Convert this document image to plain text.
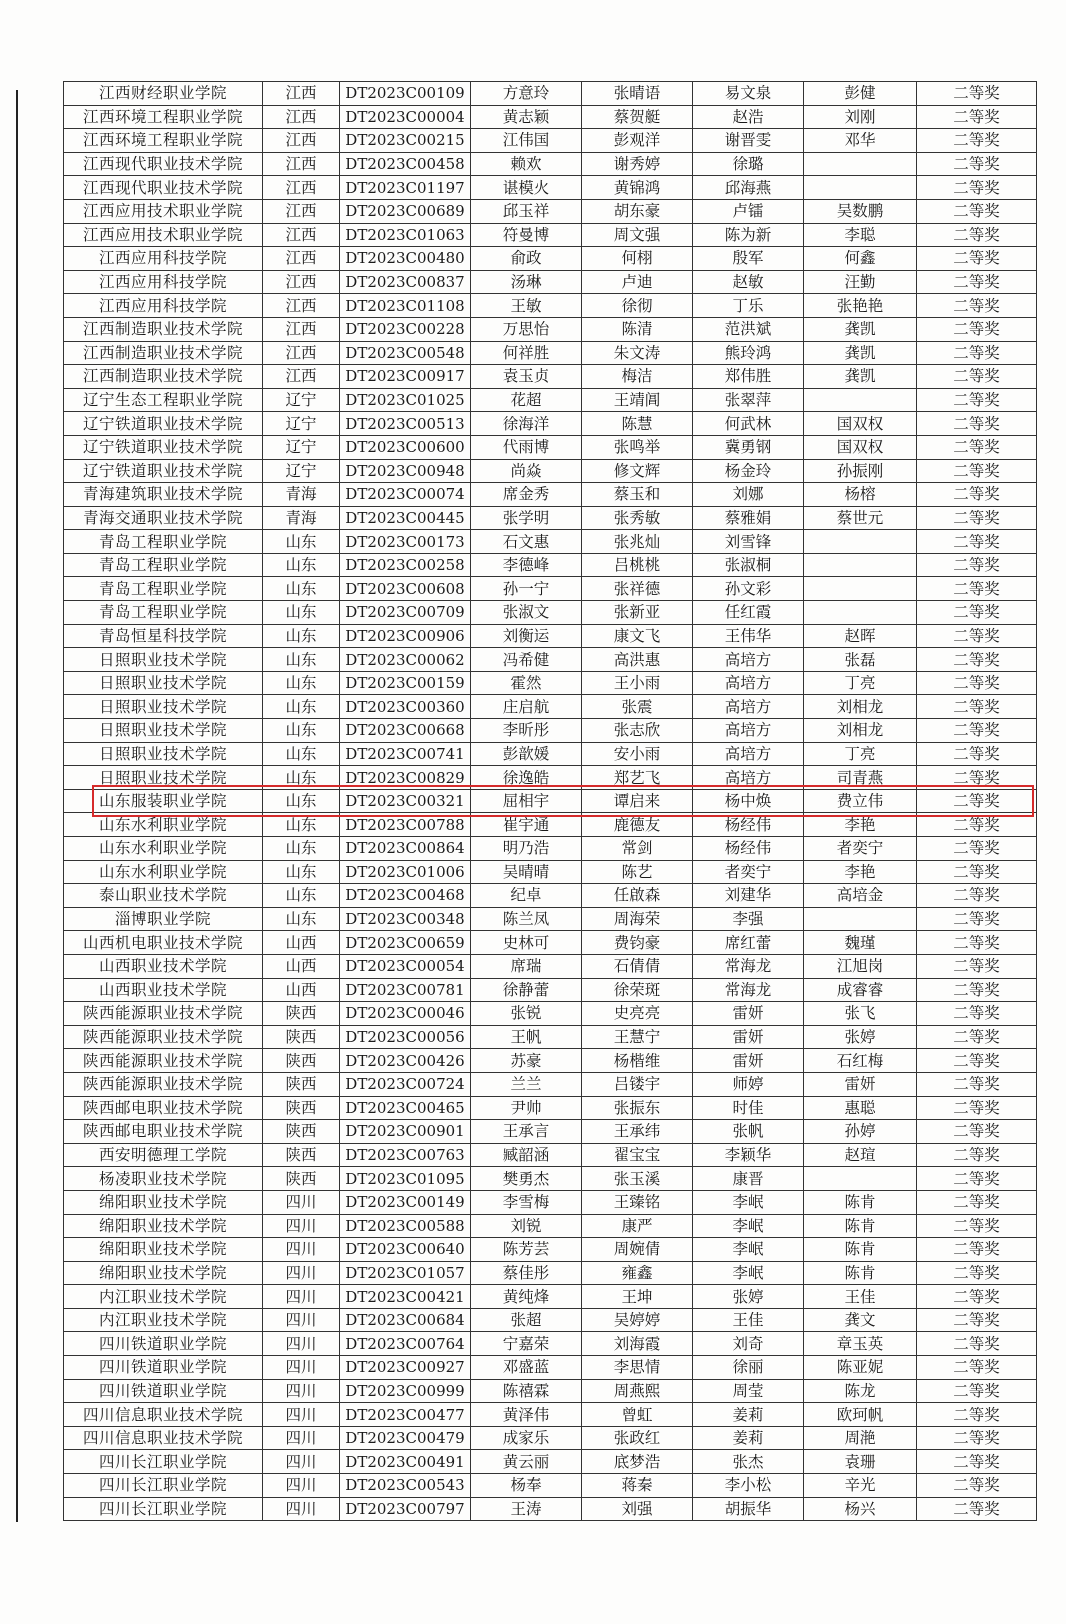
江西财经职业学院	江西	DT2023C00109	方意玲	张晴语	易文泉	彭健	二等奖
江西环境工程职业学院	江西	DT2023C00004	黄志颖	蔡贺艇	赵浩	刘刚	二等奖
江西环境工程职业学院	江西	DT2023C00215	江伟国	彭观洋	谢晋雯	邓华	二等奖
江西现代职业技术学院	江西	DT2023C00458	赖欢	谢秀婷	徐璐		二等奖
江西现代职业技术学院	江西	DT2023C01197	谌模火	黄锦鸿	邱海燕		二等奖
江西应用技术职业学院	江西	DT2023C00689	邱玉祥	胡东豪	卢镭	吴数鹏	二等奖
江西应用技术职业学院	江西	DT2023C01063	符曼博	周文强	陈为新	李聪	二等奖
江西应用科技学院	江西	DT2023C00480	俞政	何栩	殷军	何鑫	二等奖
江西应用科技学院	江西	DT2023C00837	汤琳	卢迪	赵敏	汪勤	二等奖
江西应用科技学院	江西	DT2023C01108	王敏	徐彻	丁乐	张艳艳	二等奖
江西制造职业技术学院	江西	DT2023C00228	万思怡	陈清	范洪斌	龚凯	二等奖
江西制造职业技术学院	江西	DT2023C00548	何祥胜	朱文涛	熊玲鸿	龚凯	二等奖
江西制造职业技术学院	江西	DT2023C00917	袁玉贞	梅洁	郑伟胜	龚凯	二等奖
辽宁生态工程职业学院	辽宁	DT2023C01025	花超	王靖阊	张翠萍		二等奖
辽宁铁道职业技术学院	辽宁	DT2023C00513	徐海洋	陈慧	何武林	国双权	二等奖
辽宁铁道职业技术学院	辽宁	DT2023C00600	代雨博	张鸣举	冀勇钢	国双权	二等奖
辽宁铁道职业技术学院	辽宁	DT2023C00948	尚焱	修文辉	杨金玲	孙振刚	二等奖
青海建筑职业技术学院	青海	DT2023C00074	席金秀	蔡玉和	刘娜	杨榕	二等奖
青海交通职业技术学院	青海	DT2023C00445	张学明	张秀敏	蔡雅娟	蔡世元	二等奖
青岛工程职业学院	山东	DT2023C00173	石文惠	张兆灿	刘雪锋		二等奖
青岛工程职业学院	山东	DT2023C00258	李德峰	吕桃桃	张淑桐		二等奖
青岛工程职业学院	山东	DT2023C00608	孙一宁	张祥德	孙文彩		二等奖
青岛工程职业学院	山东	DT2023C00709	张淑文	张新亚	任红霞		二等奖
青岛恒星科技学院	山东	DT2023C00906	刘衡运	康文飞	王伟华	赵晖	二等奖
日照职业技术学院	山东	DT2023C00062	冯希健	高洪惠	高培方	张磊	二等奖
日照职业技术学院	山东	DT2023C00159	霍然	王小雨	高培方	丁亮	二等奖
日照职业技术学院	山东	DT2023C00360	庄启航	张震	高培方	刘相龙	二等奖
日照职业技术学院	山东	DT2023C00668	李昕彤	张志欣	高培方	刘相龙	二等奖
日照职业技术学院	山东	DT2023C00741	彭歆媛	安小雨	高培方	丁亮	二等奖
日照职业技术学院	山东	DT2023C00829	徐逸皓	郑艺飞	高培方	司青燕	二等奖
山东服装职业学院	山东	DT2023C00321	屈相宇	谭启来	杨中焕	费立伟	二等奖
山东水利职业学院	山东	DT2023C00788	崔宇通	鹿德友	杨经伟	李艳	二等奖
山东水利职业学院	山东	DT2023C00864	明乃浩	常剑	杨经伟	者奕宁	二等奖
山东水利职业学院	山东	DT2023C01006	吴晴晴	陈艺	者奕宁	李艳	二等奖
泰山职业技术学院	山东	DT2023C00468	纪卓	任啟森	刘建华	高培金	二等奖
淄博职业学院	山东	DT2023C00348	陈兰凤	周海荣	李强		二等奖
山西机电职业技术学院	山西	DT2023C00659	史林可	费钧豪	席红蕾	魏瑾	二等奖
山西职业技术学院	山西	DT2023C00054	席瑞	石倩倩	常海龙	江旭岗	二等奖
山西职业技术学院	山西	DT2023C00781	徐静蕾	徐荣斑	常海龙	成睿睿	二等奖
陕西能源职业技术学院	陕西	DT2023C00046	张锐	史亮亮	雷妍	张飞	二等奖
陕西能源职业技术学院	陕西	DT2023C00056	王帆	王慧宁	雷妍	张婷	二等奖
陕西能源职业技术学院	陕西	DT2023C00426	苏豪	杨楷维	雷妍	石红梅	二等奖
陕西能源职业技术学院	陕西	DT2023C00724	兰兰	吕镂宇	师婷	雷妍	二等奖
陕西邮电职业技术学院	陕西	DT2023C00465	尹帅	张振东	时佳	惠聪	二等奖
陕西邮电职业技术学院	陕西	DT2023C00901	王承言	王承纬	张帆	孙婷	二等奖
西安明德理工学院	陕西	DT2023C00763	臧韶涵	翟宝宝	李颖华	赵瑄	二等奖
杨凌职业技术学院	陕西	DT2023C01095	樊勇杰	张玉溪	康晋		二等奖
绵阳职业技术学院	四川	DT2023C00149	李雪梅	王臻铭	李岷	陈肯	二等奖
绵阳职业技术学院	四川	DT2023C00588	刘锐	康严	李岷	陈肯	二等奖
绵阳职业技术学院	四川	DT2023C00640	陈芳芸	周婉倩	李岷	陈肯	二等奖
绵阳职业技术学院	四川	DT2023C01057	蔡佳彤	雍鑫	李岷	陈肯	二等奖
内江职业技术学院	四川	DT2023C00421	黄纯烽	王坤	张婷	王佳	二等奖
内江职业技术学院	四川	DT2023C00684	张超	吴婷婷	王佳	龚文	二等奖
四川铁道职业学院	四川	DT2023C00764	宁嘉荣	刘海霞	刘奇	章玉英	二等奖
四川铁道职业学院	四川	DT2023C00927	邓盛蓝	李思情	徐丽	陈亚妮	二等奖
四川铁道职业学院	四川	DT2023C00999	陈禧霖	周燕熙	周莹	陈龙	二等奖
四川信息职业技术学院	四川	DT2023C00477	黄泽伟	曾虹	姜莉	欧珂帆	二等奖
四川信息职业技术学院	四川	DT2023C00479	成家乐	张政红	姜莉	周滟	二等奖
四川长江职业学院	四川	DT2023C00491	黄云丽	底梦浩	张杰	袁珊	二等奖
四川长江职业学院	四川	DT2023C00543	杨奉	蒋秦	李小松	辛光	二等奖
四川长江职业学院	四川	DT2023C00797	王涛	刘强	胡振华	杨兴	二等奖
